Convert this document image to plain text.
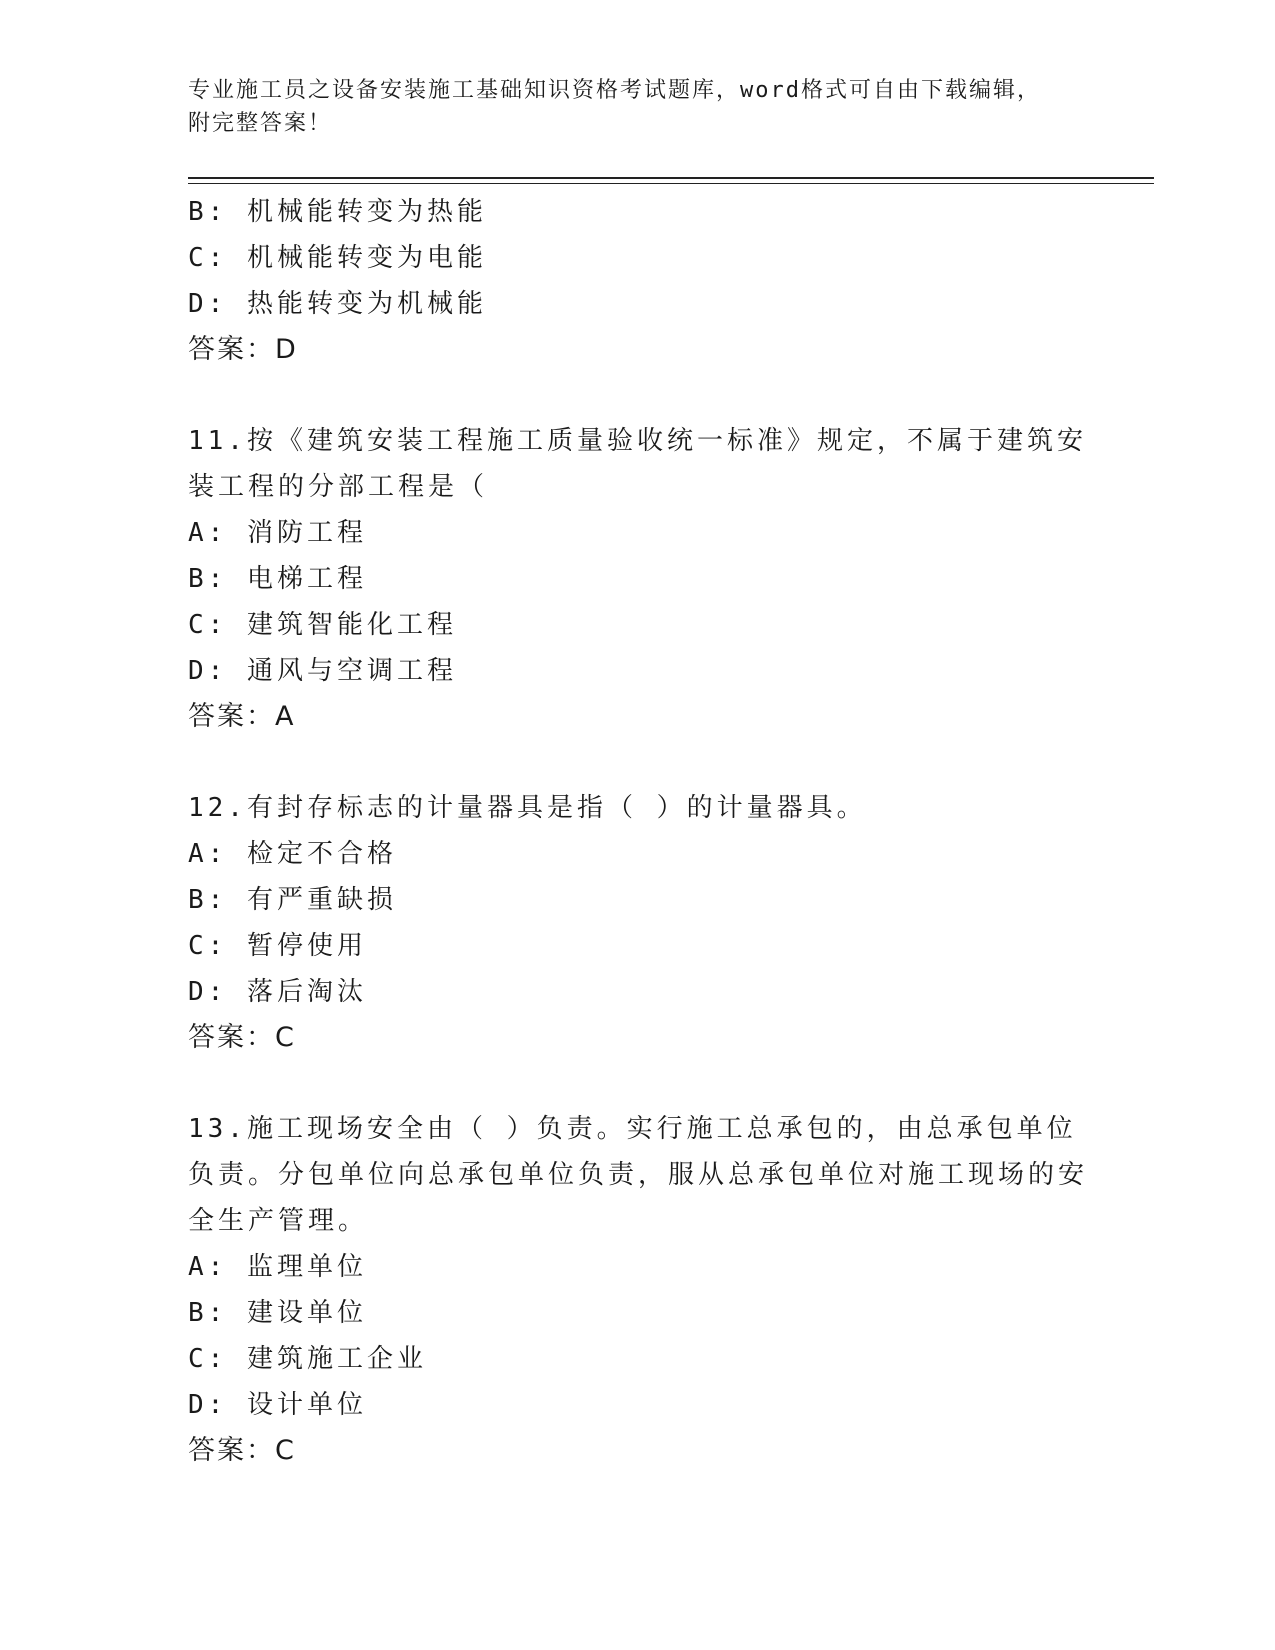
专业施工员之设备安装施工基础知识资格考试题库，word格式可自由下载编辑，
附完整答案！
B: 机械能转变为热能
C: 机械能转变为电能
D: 热能转变为机械能
答案：D
11.按《建筑安装工程施工质量验收统一标准》规定，不属于建筑安装工程的分部工程是（
A: 消防工程
B: 电梯工程
C: 建筑智能化工程
D: 通风与空调工程
答案：A
12.有封存标志的计量器具是指（ ）的计量器具。
A: 检定不合格
B: 有严重缺损
C: 暂停使用
D: 落后淘汰
答案：C
13.施工现场安全由（ ）负责。实行施工总承包的，由总承包单位负责。分包单位向总承包单位负责，服从总承包单位对施工现场的安全生产管理。
A: 监理单位
B: 建设单位
C: 建筑施工企业
D: 设计单位
答案：C
